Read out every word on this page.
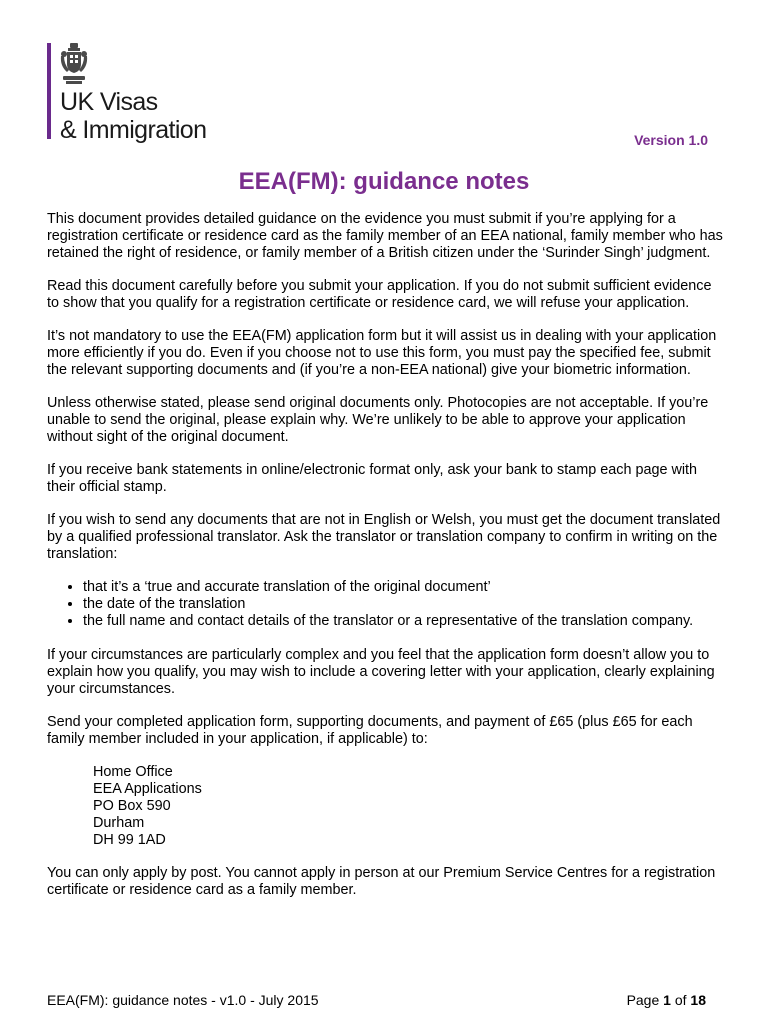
UK Visas
& Immigration	Version 1.0
EEA(FM): guidance notes

This document provides detailed guidance on the evidence you must submit if you’re applying for a registration certificate or residence card as the family member of an EEA national, family member who has retained the right of residence, or family member of a British citizen under the ‘Surinder Singh’ judgment.

Read this document carefully before you submit your application. If you do not submit sufficient evidence to show that you qualify for a registration certificate or residence card, we will refuse your application.

It’s not mandatory to use the EEA(FM) application form but it will assist us in dealing with your application more efficiently if you do. Even if you choose not to use this form, you must pay the specified fee, submit the relevant supporting documents and (if you’re a non-EEA national) give your biometric information.

Unless otherwise stated, please send original documents only. Photocopies are not acceptable. If you’re unable to send the original, please explain why. We’re unlikely to be able to approve your application without sight of the original document.

If you receive bank statements in online/electronic format only, ask your bank to stamp each page with their official stamp.

If you wish to send any documents that are not in English or Welsh, you must get the document translated by a qualified professional translator. Ask the translator or translation company to confirm in writing on the translation:

• that it’s a ‘true and accurate translation of the original document’
• the date of the translation
• the full name and contact details of the translator or a representative of the translation company.

If your circumstances are particularly complex and you feel that the application form doesn’t allow you to explain how you qualify, you may wish to include a covering letter with your application, clearly explaining your circumstances.

Send your completed application form, supporting documents, and payment of £65 (plus £65 for each family member included in your application, if applicable) to:

Home Office
EEA Applications
PO Box 590
Durham
DH 99 1AD

You can only apply by post. You cannot apply in person at our Premium Service Centres for a registration certificate or residence card as a family member.

EEA(FM): guidance notes - v1.0 - July 2015	Page 1 of 18
